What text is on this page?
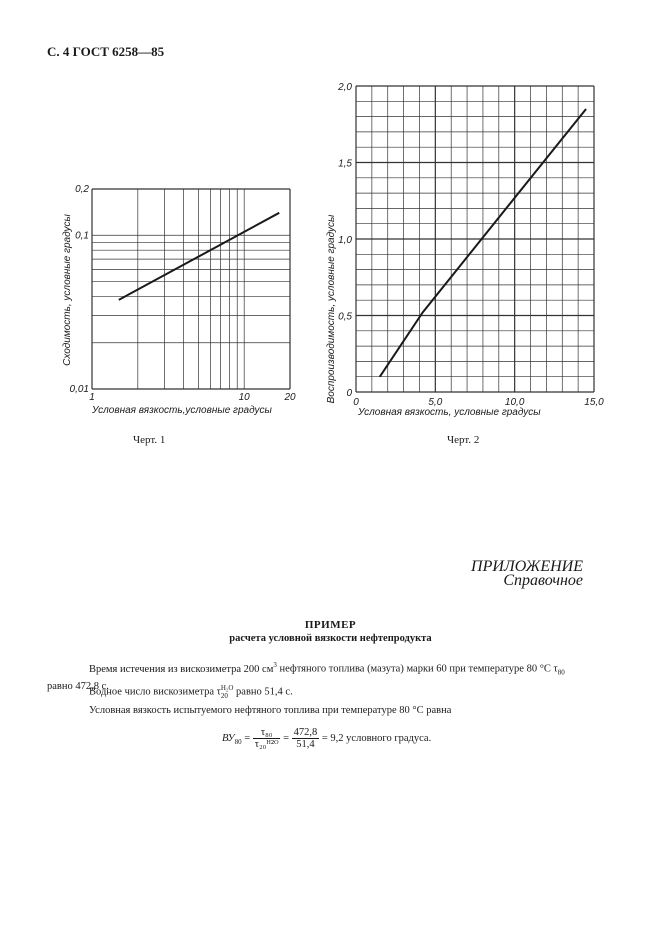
С. 4 ГОСТ 6258—85
1	10	20
0,01
0,1
0,2
Сходимость, условные градусы
Условная вязкость,условные градусы
Черт. 1
0	5,0	10,0	15,0
0
0,5
1,0
1,5
2,0
Воспроизводимость, условные градусы
Условная вязкость, условные градусы
Черт. 2
ПРИЛОЖЕНИЕ
Справочное
ПРИМЕР
расчета условной вязкости нефтепродукта
Время истечения из вискозиметра 200 $см^3$ нефтяного топлива (мазута) марки 60 при температуре 80 °С $\tau_{80}$
равно 472,8 с.
Водное число вискозиметра τ H₂O
20 равно 51,4 с.
Условная вязкость испытуемого нефтяного топлива при температуре 80 °С равна
$ВУ_{80} = \frac{\text{τ₈₀}}{\text{τ₂₀ᴴ²ᴼ}} = \frac{472,8}{51,4} = 9,2$ условного градуса.
